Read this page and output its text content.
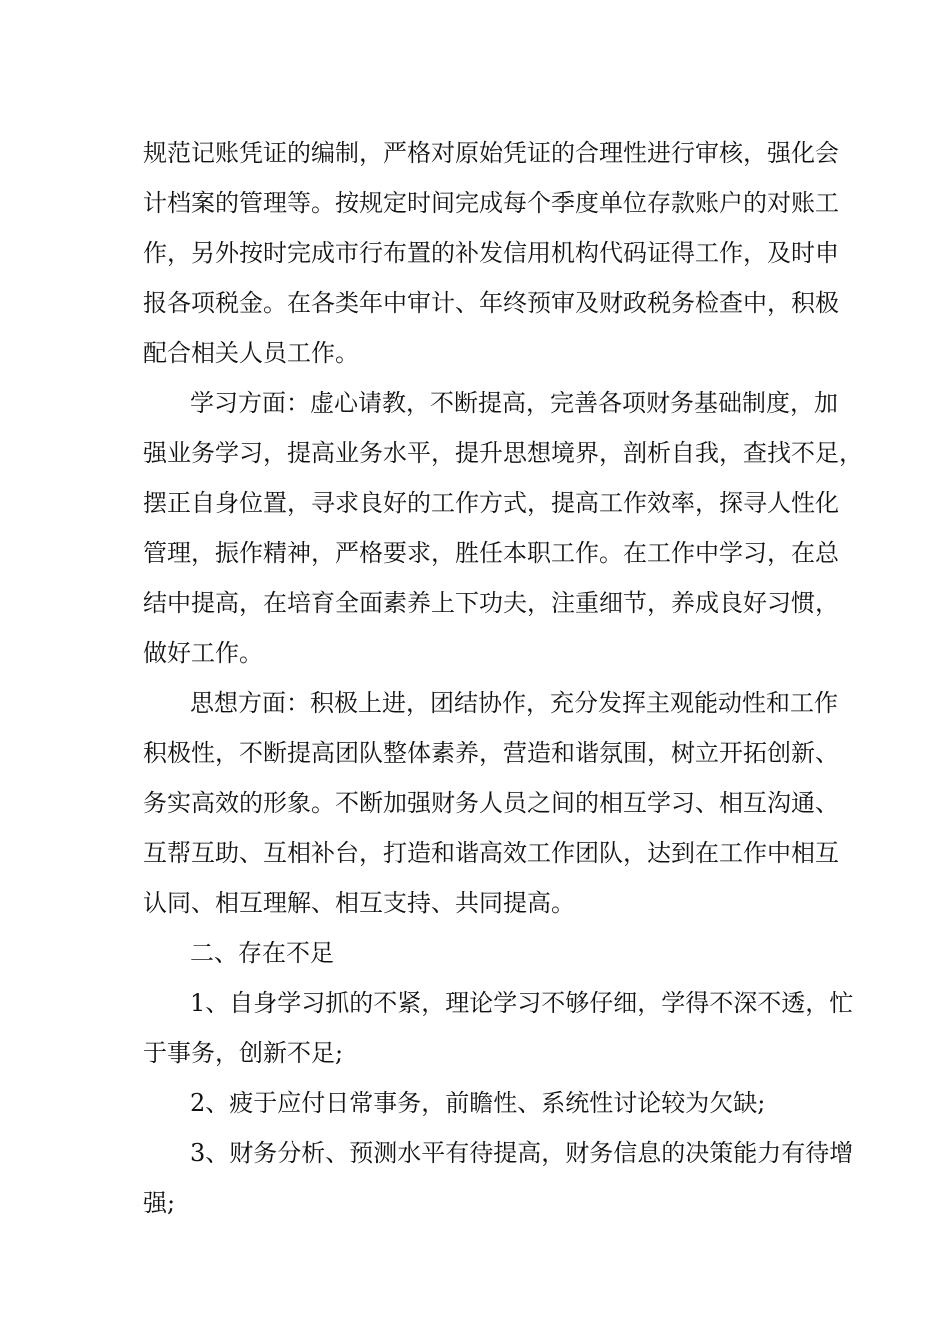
规范记账凭证的编制，严格对原始凭证的合理性进行审核，强化会

计档案的管理等。按规定时间完成每个季度单位存款账户的对账工

作，另外按时完成市行布置的补发信用机构代码证得工作，及时申

报各项税金。在各类年中审计、年终预审及财政税务检查中，积极

配合相关人员工作。

学习方面：虚心请教，不断提高，完善各项财务基础制度，加

强业务学习，提高业务水平，提升思想境界，剖析自我，查找不足，

摆正自身位置，寻求良好的工作方式，提高工作效率，探寻人性化

管理，振作精神，严格要求，胜任本职工作。在工作中学习，在总

结中提高，在培育全面素养上下功夫，注重细节，养成良好习惯，

做好工作。

思想方面：积极上进，团结协作，充分发挥主观能动性和工作

积极性，不断提高团队整体素养，营造和谐氛围，树立开拓创新、

务实高效的形象。不断加强财务人员之间的相互学习、相互沟通、

互帮互助、互相补台，打造和谐高效工作团队，达到在工作中相互

认同、相互理解、相互支持、共同提高。

二、存在不足

1、自身学习抓的不紧，理论学习不够仔细，学得不深不透，忙

于事务，创新不足;

2、疲于应付日常事务，前瞻性、系统性讨论较为欠缺;

3、财务分析、预测水平有待提高，财务信息的决策能力有待增

强;
